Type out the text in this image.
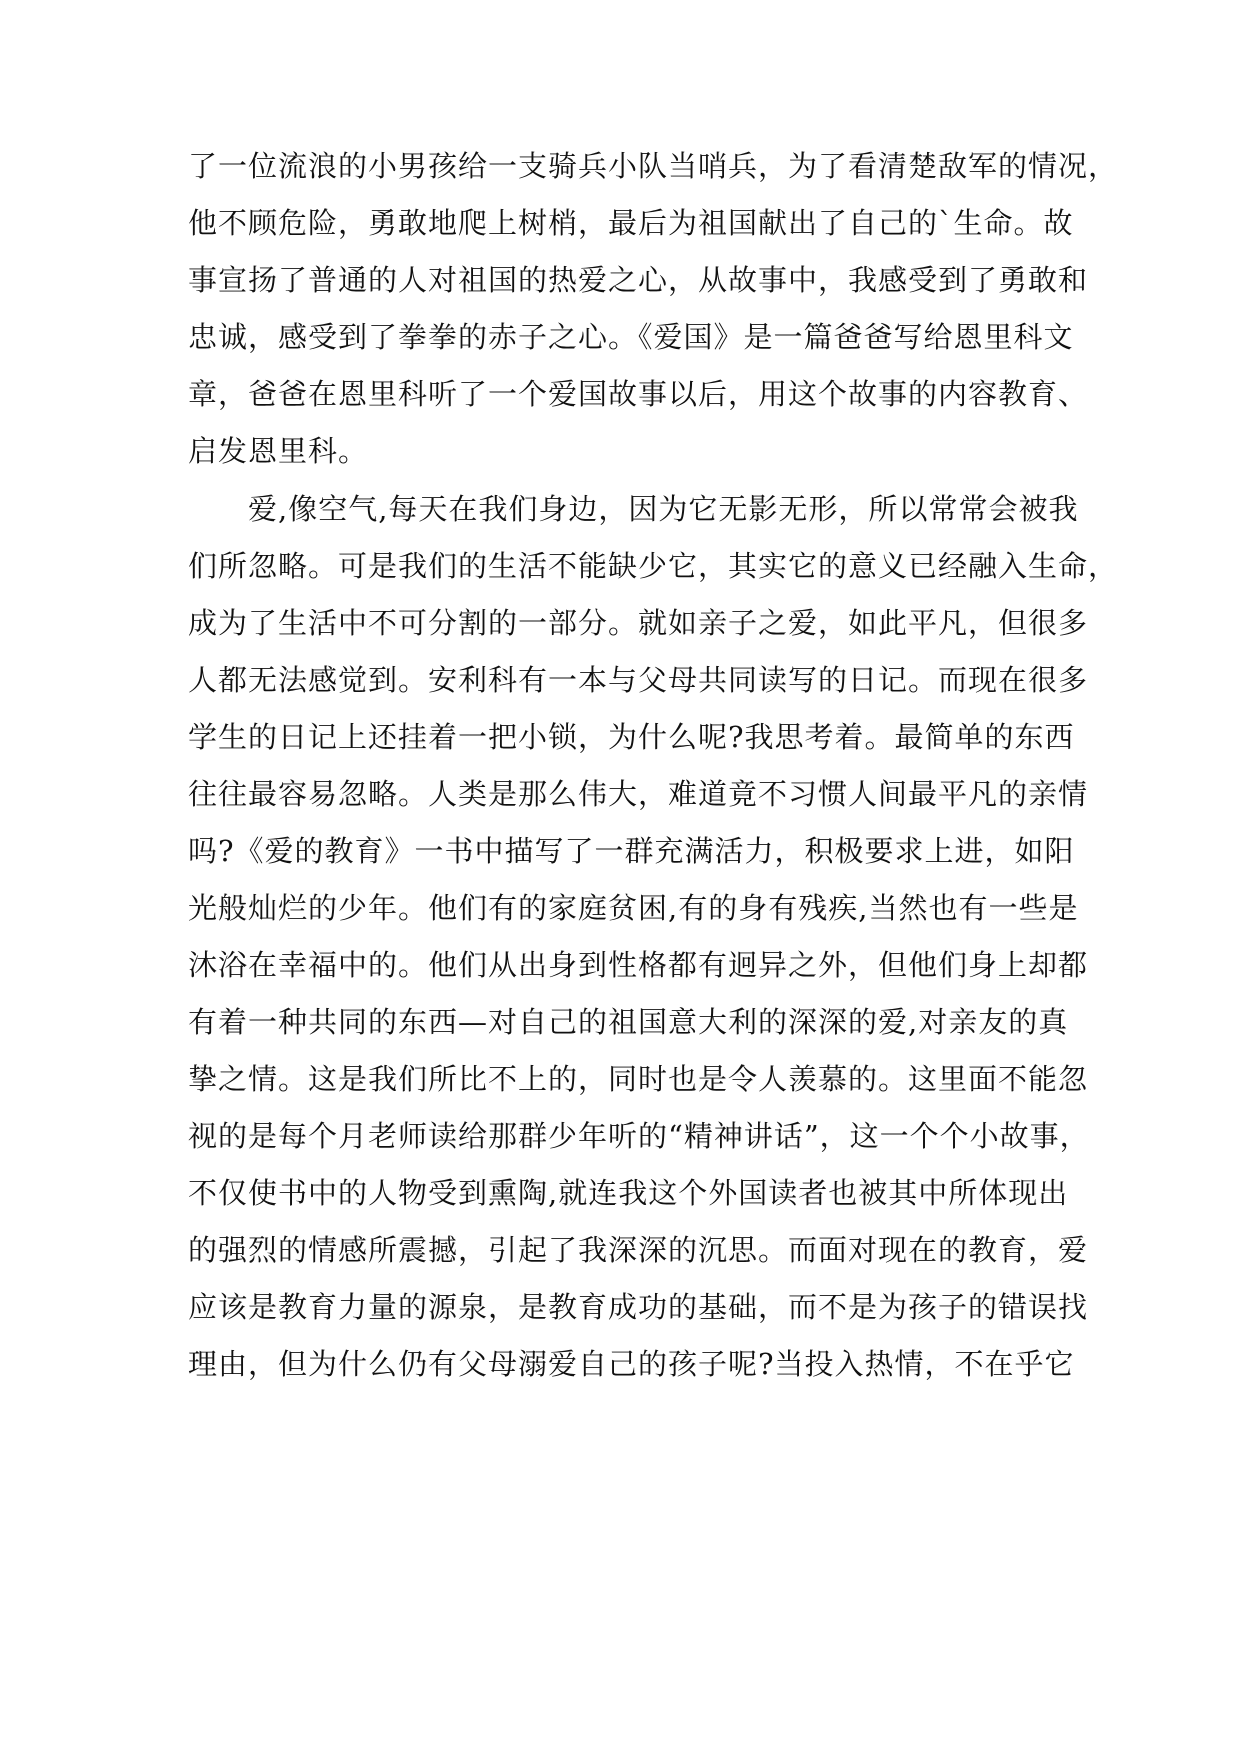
了一位流浪的小男孩给一支骑兵小队当哨兵，为了看清楚敌军的情况，
他不顾危险，勇敢地爬上树梢，最后为祖国献出了自己的`生命。故
事宣扬了普通的人对祖国的热爱之心，从故事中，我感受到了勇敢和
忠诚，感受到了拳拳的赤子之心。《爱国》是一篇爸爸写给恩里科文
章，爸爸在恩里科听了一个爱国故事以后，用这个故事的内容教育、
启发恩里科。
爱,像空气,每天在我们身边，因为它无影无形，所以常常会被我
们所忽略。可是我们的生活不能缺少它，其实它的意义已经融入生命，
成为了生活中不可分割的一部分。就如亲子之爱，如此平凡，但很多
人都无法感觉到。安利科有一本与父母共同读写的日记。而现在很多
学生的日记上还挂着一把小锁，为什么呢?我思考着。最简单的东西
往往最容易忽略。人类是那么伟大，难道竟不习惯人间最平凡的亲情
吗?《爱的教育》一书中描写了一群充满活力，积极要求上进，如阳
光般灿烂的少年。他们有的家庭贫困,有的身有残疾,当然也有一些是
沐浴在幸福中的。他们从出身到性格都有迥异之外，但他们身上却都
有着一种共同的东西—对自己的祖国意大利的深深的爱,对亲友的真
挚之情。这是我们所比不上的，同时也是令人羡慕的。这里面不能忽
视的是每个月老师读给那群少年听的“精神讲话”，这一个个小故事，
不仅使书中的人物受到熏陶,就连我这个外国读者也被其中所体现出
的强烈的情感所震撼，引起了我深深的沉思。而面对现在的教育，爱
应该是教育力量的源泉，是教育成功的基础，而不是为孩子的错误找
理由，但为什么仍有父母溺爱自己的孩子呢?当投入热情，不在乎它
